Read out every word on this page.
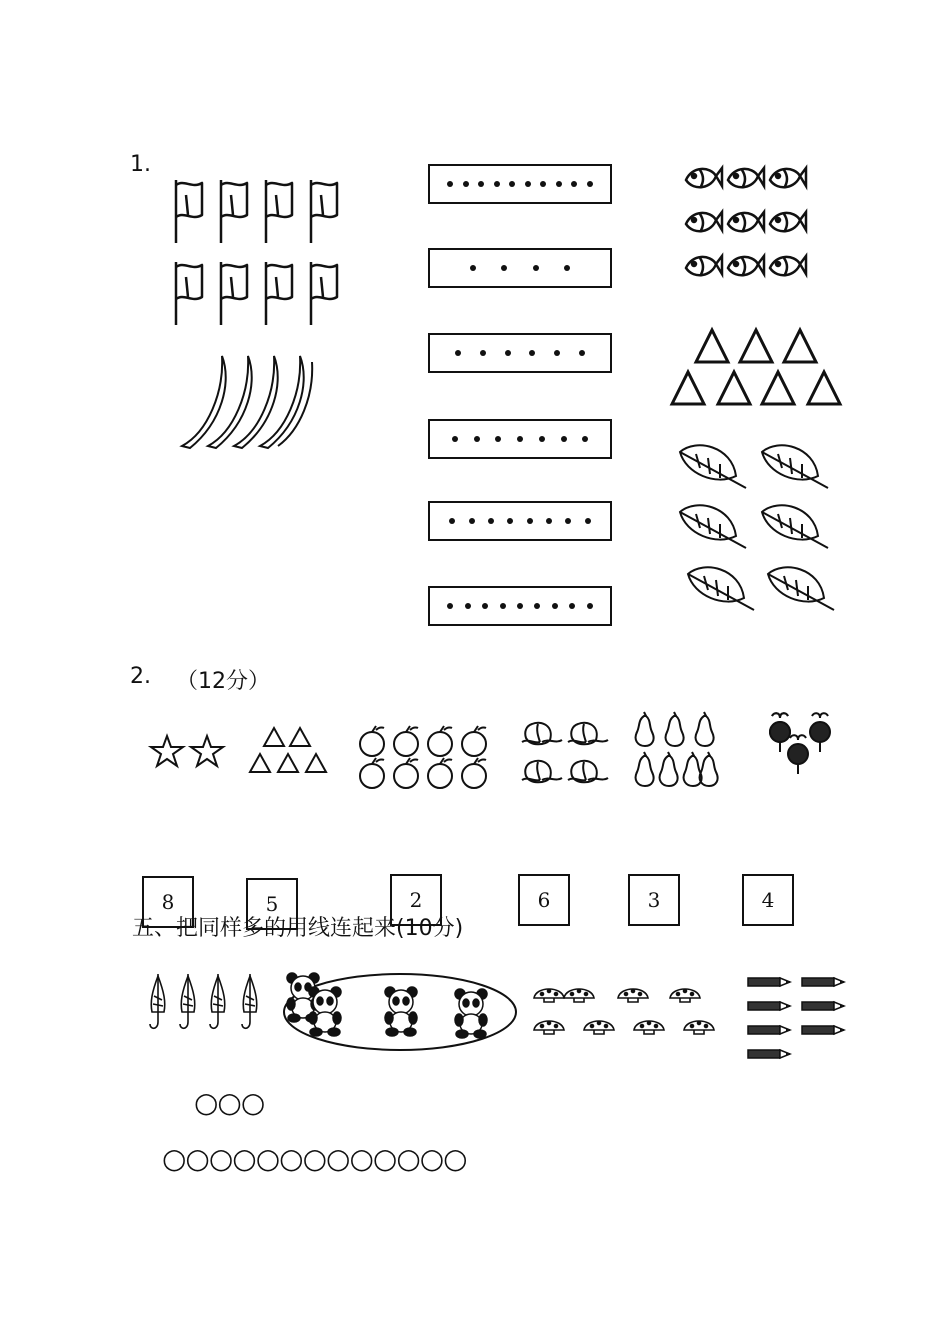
1.
2. （12分）
8	5	2	6	3	4
五、把同样多的用线连起来(10分)
○○○
○○○○○○○○○○○○○
